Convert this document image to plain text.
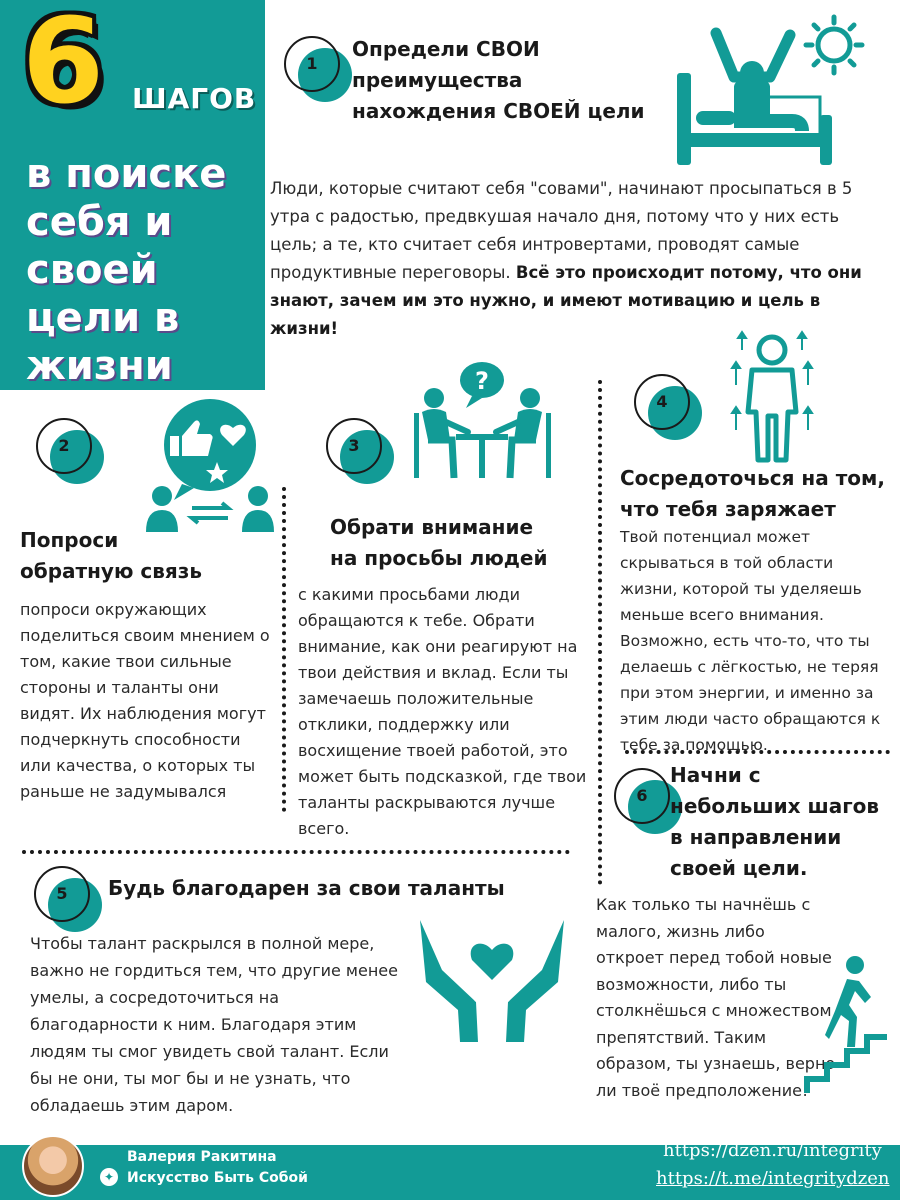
6 ШАГОВ
в поиске
себя и
своей
цели в
жизни
1
Определи СВОИ
преимущества
нахождения СВОЕЙ цели
Люди, которые считают себя "совами", начинают просыпаться в 5 утра с радостью, предвкушая начало дня, потому что у них есть цель; а те, кто считает себя интровертами, проводят самые продуктивные переговоры. Всё это происходит потому, что они знают, зачем им это нужно, и имеют мотивацию и цель в жизни!
2
Попроси
обратную связь
попроси окружающих поделиться своим мнением о том, какие твои сильные стороны и таланты они видят. Их наблюдения могут подчеркнуть способности или качества, о которых ты раньше не задумывался
3
?
Обрати внимание
на просьбы людей
с какими просьбами люди обращаются к тебе. Обрати внимание, как они реагируют на твои действия и вклад. Если ты замечаешь положительные отклики, поддержку или восхищение твоей работой, это может быть подсказкой, где твои таланты раскрываются лучше всего.
4
Сосредоточься на том,
что тебя заряжает
Твой потенциал может скрываться в той области жизни, которой ты уделяешь меньше всего внимания. Возможно, есть что-то, что ты делаешь с лёгкостью, не теряя при этом энергии, и именно за этим люди часто обращаются к тебе за помощью.
5	Будь благодарен за свои таланты
Чтобы талант раскрылся в полной мере, важно не гордиться тем, что другие менее умелы, а сосредоточиться на благодарности к ним. Благодаря этим людям ты смог увидеть свой талант. Если бы не они, ты мог бы и не узнать, что обладаешь этим даром.
6
Начни с
небольших шагов
в направлении
своей цели.
Как только ты начнёшь с малого, жизнь либо откроет перед тобой новые возможности, либо ты столкнёшься с множеством препятствий. Таким образом, ты узнаешь, верно ли твоё предположение!
Валерия Ракитина
✦ Искусство Быть Собой
https://dzen.ru/integrity
https://t.me/integritydzen
